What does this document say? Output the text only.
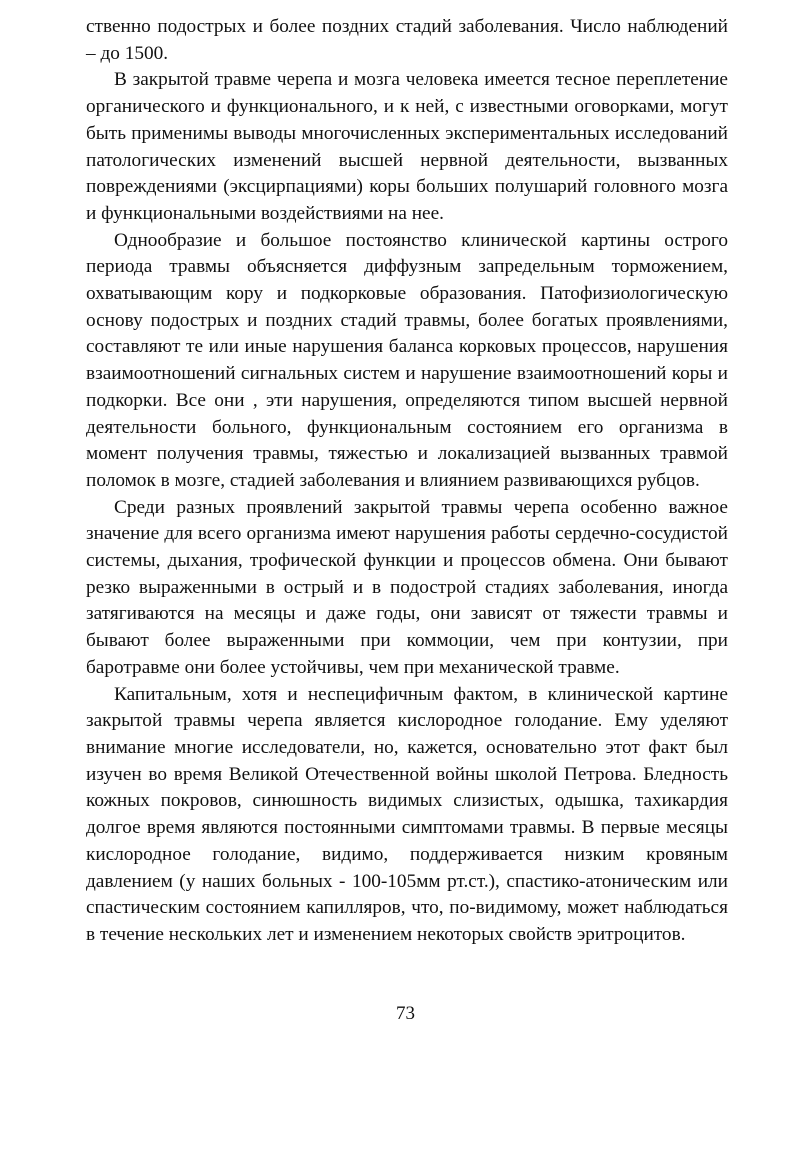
ственно подострых и более поздних стадий заболевания. Число наблюдений – до 1500.

В закрытой травме черепа и мозга человека имеется тесное переплетение органического и функционального, и к ней, с известными оговорками, могут быть применимы выводы многочисленных экспериментальных исследований патологических изменений высшей нервной деятельности, вызванных повреждениями (эксцирпациями) коры больших полушарий головного мозга и функциональными воздействиями на нее.

Однообразие и большое постоянство клинической картины острого периода травмы объясняется диффузным запредельным торможением, охватывающим кору и подкорковые образования. Патофизиологическую основу подострых и поздних стадий травмы, более богатых проявлениями, составляют те или иные нарушения баланса корковых процессов, нарушения взаимоотношений сигнальных систем и нарушение взаимоотношений коры и подкорки. Все они , эти нарушения, определяются типом высшей нервной деятельности больного, функциональным состоянием его организма в момент получения травмы, тяжестью и локализацией вызванных травмой поломок в мозге, стадией заболевания и влиянием развивающихся рубцов.

Среди разных проявлений закрытой травмы черепа особенно важное значение для всего организма имеют нарушения работы сердечно-сосудистой системы, дыхания, трофической функции и процессов обмена. Они бывают резко выраженными в острый и в подострой стадиях заболевания, иногда затягиваются на месяцы и даже годы, они зависят от тяжести травмы и бывают более выраженными при коммоции, чем при контузии, при баротравме они более устойчивы, чем при механической травме.

Капитальным, хотя и неспецифичным фактом, в клинической картине закрытой травмы черепа является кислородное голодание. Ему уделяют внимание многие исследователи, но, кажется, основательно этот факт был изучен во время Великой Отечественной войны школой Петрова. Бледность кожных покровов, синюшность видимых слизистых, одышка, тахикардия долгое время являются постоянными симптомами травмы. В первые месяцы кислородное голодание, видимо, поддерживается низким кровяным давлением (у наших больных - 100-105мм рт.ст.), спастико-атоническим или спастическим состоянием капилляров, что, по-видимому, может наблюдаться в течение нескольких лет и изменением некоторых свойств эритроцитов.

73
